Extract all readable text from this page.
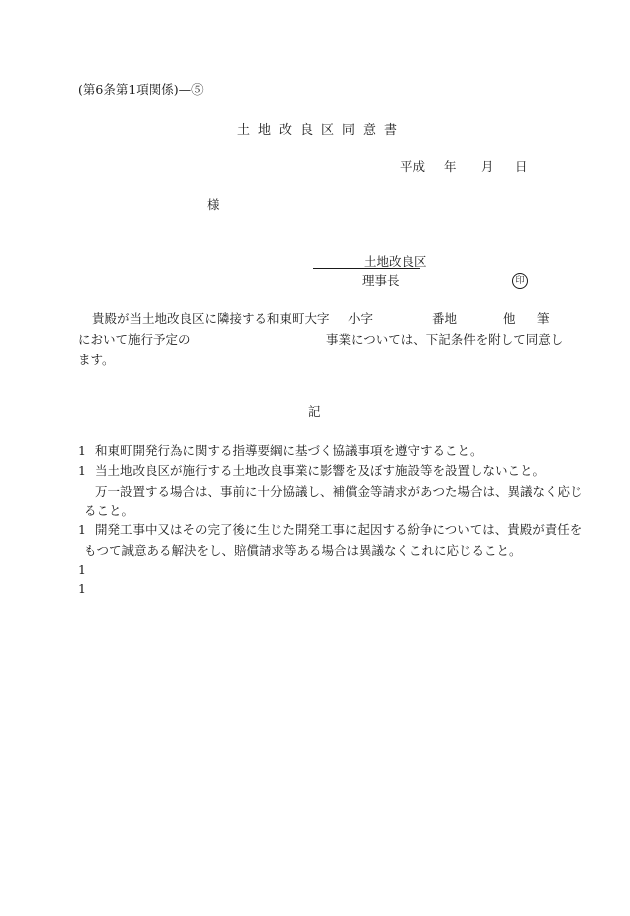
(第6条第1項関係)—⑤
土地改良区同意書
平成 年 月 日
様
土地改良区
理事長	印
貴殿が当土地改良区に隣接する和東町大字 小字	番地	他 筆
において施行予定の	事業については、下記条件を附して同意し
ます。
記
1 和東町開発行為に関する指導要綱に基づく協議事項を遵守すること。
1 当土地改良区が施行する土地改良事業に影響を及ぼす施設等を設置しないこと。
万一設置する場合は、事前に十分協議し、補償金等請求があつた場合は、異議なく応じ
ること。
1 開発工事中又はその完了後に生じた開発工事に起因する紛争については、貴殿が責任を
もつて誠意ある解決をし、賠償請求等ある場合は異議なくこれに応じること。
1
1
